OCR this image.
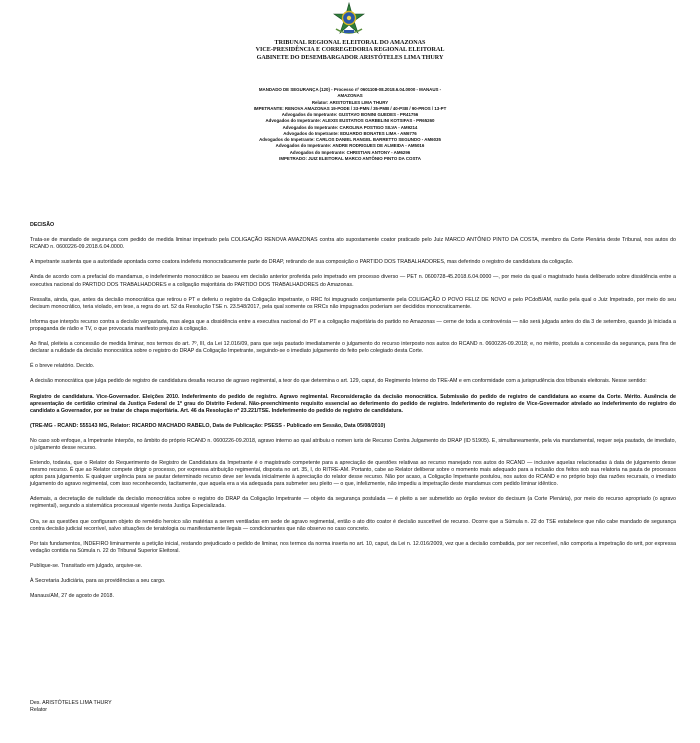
TRIBUNAL REGIONAL ELEITORAL DO AMAZONAS
VICE-PRESIDÊNCIA E CORREGEDORIA REGIONAL ELEITORAL
GABINETE DO DESEMBARGADOR ARISTÓTELES LIMA THURY
MANDADO DE SEGURANÇA (120) - Processo nº 0601108-08.2018.6.04.0000 - MANAUS -
AMAZONAS
Relator: ARISTOTELES LIMA THURY
IMPETRANTE: RENOVA AMAZONAS 19-PODE / 33-PMN / 35-PMB / 40-PSB / 90-PROS / 13-PT
Advogados do Impetrante: GUSTAVO BONINI GUEDES - PR41756
Advogados do Impetrante: ALEXIS EUSTATIOS GARBELINI KOTSIFAS - PR65260
Advogados do Impetrante: CAROLINA POSTIGO SILVA - AM9214
Advogados do Impetrante: EDUARDO BONATES LIMA - AM6776
Advogados do Impetrante: CARLOS DANIEL RANGEL BARRETTO SEGUNDO - AM6035
Advogados do Impetrante: ANDRE RODRIGUES DE ALMEIDA - AM5016
Advogados do Impetrante: CHRISTIAN ANTONY - AM6296
IMPETRADO: JUIZ ELEITORAL MARCO ANTÔNIO PINTO DA COSTA

DECISÃO

Trata-se de mandado de segurança com pedido de medida liminar impetrado pela COLIGAÇÃO RENOVA AMAZONAS contra ato supostamente coator praticado pelo Juiz MARCO ANTÔNIO PINTO DA COSTA, membro da Corte Plenária deste Tribunal, nos autos do RCAND n. 0600226-09.2018.6.04.0000.

A impetrante sustenta que a autoridade apontada como coatora indeferiu monocraticamente parte do DRAP, retirando de sua composição o PARTIDO DOS TRABALHADORES, mas deferindo o registro de candidatura da coligação.

Ainda de acordo com a prefacial do mandamus, o indeferimento monocrático se baseou em decisão anterior proferida pelo impetrado em processo diverso — PET n. 0600728-45.2018.6.04.0000 —, por meio da qual o magistrado havia deliberado sobre dissidência entre a executiva nacional do PARTIDO DOS TRABALHADORES e a coligação majoritária do PARTIDO DOS TRABALHADORES do Amazonas.

Ressalta, ainda, que, antes da decisão monocrática que retirou o PT e deferiu o registro da Coligação impetrante, o RRC foi impugnado conjuntamente pela COLIGAÇÃO O POVO FELIZ DE NOVO e pelo PCdoB/AM, razão pela qual o Juiz Impetrado, por meio do seu decisum monocrático, teria violado, em tese, a regra do art. 52 da Resolução TSE n. 23.548/2017, pela qual somente os RRCs não impugnados poderiam ser decididos monocraticamente.

Informa que interpôs recurso contra a decisão vergastada, mas alega que a dissidência entre a executiva nacional do PT e a coligação majoritária do partido no Amazonas — cerne de toda a controvérsia — não será julgada antes do dia 3 de setembro, quando já iniciada a propaganda de rádio e TV, o que provocaria manifesto prejuízo à coligação.

Ao final, pleiteia a concessão de medida liminar, nos termos do art. 7º, III, da Lei 12.016/09, para que seja pautado imediatamente o julgamento do recurso interposto nos autos do RCAND n. 0600226-09.2018; e, no mérito, postula a concessão da segurança, para fins de declarar a nulidade da decisão monocrática sobre o registro do DRAP da Coligação Impetrante, seguindo-se o imediato julgamento do feito pelo colegiado desta Corte.

É o breve relatório. Decido.

A decisão monocrática que julga pedido de registro de candidatura desafia recurso de agravo regimental, a teor do que determina o art. 129, caput, do Regimento Interno do TRE-AM e em conformidade com a jurisprudência dos tribunais eleitorais. Nesse sentido:

Registro de candidatura. Vice-Governador. Eleições 2010. Indeferimento do pedido de registro. Agravo regimental. Reconsideração da decisão monocrática. Submissão do pedido de registro de candidatura ao exame da Corte. Mérito. Ausência de apresentação de certidão criminal da Justiça Federal de 1º grau do Distrito Federal. Não-preenchimento requisito essencial ao deferimento do pedido de registro. Indeferimento do registro de Vice-Governador atrelado ao indeferimento do registro do candidato a Governador, por se tratar de chapa majoritária. Art. 46 da Resolução nº 23.221/TSE. Indeferimento do pedido de registro de candidatura.

(TRE-MG - RCAND: 555143 MG, Relator: RICARDO MACHADO RABELO, Data de Publicação: PSESS - Publicado em Sessão, Data 05/08/2010)

No caso sob enfoque, a Impetrante interpôs, no âmbito do próprio RCAND n. 0600226-09.2018, agravo interno ao qual atribuiu o nomen iuris de Recurso Contra Julgamento do DRAP (ID 51905). E, simultaneamente, pela via mandamental, requer seja pautado, de imediato, o julgamento desse recurso.

Entendo, todavia, que o Relator do Requerimento de Registro de Candidatura da Impetrante é o magistrado competente para a apreciação de questões relativas ao recurso manejado nos autos do RCAND — inclusive aquelas relacionadas à data de julgamento desse mesmo recurso. É que ao Relator compete dirigir o processo, por expressa atribuição regimental, disposta no art. 35, I, do RITRE-AM. Portanto, cabe ao Relator deliberar sobre o momento mais adequado para a inclusão dos feitos sob sua relatoria na pauta de processos aptos para julgamento. E qualquer urgência para se pautar determinado recurso deve ser levada inicialmente à apreciação do relator desse recurso. Não por acaso, a Coligação Impetrante postulou, nos autos do RCAND e no próprio bojo das razões recursais, o imediato julgamento do agravo regimental, com isso reconhecendo, tacitamente, que aquela era a via adequada para submeter seu pleito — o que, infelizmente, não impediu a impetração deste mandamus com pedido liminar idêntico.

Ademais, a decretação de nulidade da decisão monocrática sobre o registro do DRAP da Coligação Impetrante — objeto da segurança postulada — é pleito a ser submetido ao órgão revisor do decisum (a Corte Plenária), por meio do recurso apropriado (o agravo regimental), segundo a sistemática processual vigente nesta Justiça Especializada.

Ora, se as questões que configuram objeto do remédio heroico são matérias a serem ventiladas em sede de agravo regimental, então o ato dito coator é decisão suscetível de recurso. Ocorre que a Súmula n. 22 do TSE estabelece que não cabe mandado de segurança contra decisão judicial recorrível, salvo situações de teratologia ou manifestamente ilegais — condicionantes que não observo no caso concreto.

Por tais fundamentos, INDEFIRO liminarmente a petição inicial, restando prejudicado o pedido de liminar, nos termos da norma inserta no art. 10, caput, da Lei n. 12.016/2009, vez que a decisão combatida, por ser recorrível, não comporta a impetração do writ, por expressa vedação contida na Súmula n. 22 do Tribunal Superior Eleitoral.

Publique-se. Transitado em julgado, arquive-se.

À Secretaria Judiciária, para as providências a seu cargo.

Manaus/AM, 27 de agosto de 2018.

Des. ARISTÓTELES LIMA THURY
Relator
